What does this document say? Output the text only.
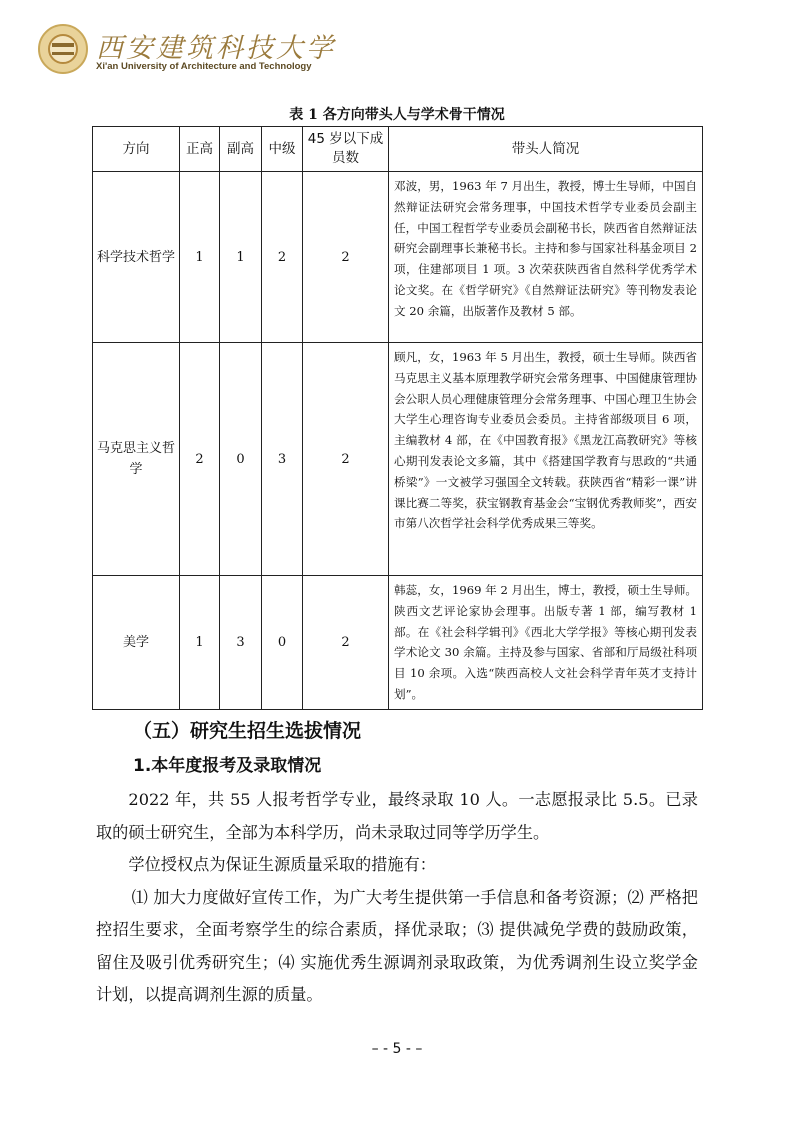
西安建筑科技大学
Xi'an University of Architecture and Technology
表 1 各方向带头人与学术骨干情况
方向	正高	副高	中级	45 岁以下成员数	带头人简况
科学技术哲学	1	1	2	2	邓波，男，1963 年 7 月出生，教授，博士生导师，中国自然辩证法研究会常务理事，中国技术哲学专业委员会副主任，中国工程哲学专业委员会副秘书长，陕西省自然辩证法研究会副理事长兼秘书长。主持和参与国家社科基金项目 2 项，住建部项目 1 项。3 次荣获陕西省自然科学优秀学术论文奖。在《哲学研究》《自然辩证法研究》等刊物发表论文 20 余篇，出版著作及教材 5 部。
马克思主义哲学	2	0	3	2	顾凡，女，1963 年 5 月出生，教授，硕士生导师。陕西省马克思主义基本原理教学研究会常务理事、中国健康管理协会公职人员心理健康管理分会常务理事、中国心理卫生协会大学生心理咨询专业委员会委员。主持省部级项目 6 项，主编教材 4 部，在《中国教育报》《黑龙江高教研究》等核心期刊发表论文多篇，其中《搭建国学教育与思政的“共通桥梁”》一文被学习强国全文转载。获陕西省“精彩一课”讲课比赛二等奖，获宝钢教育基金会“宝钢优秀教师奖”，西安市第八次哲学社会科学优秀成果三等奖。
美学	1	3	0	2	韩蕊，女，1969 年 2 月出生，博士，教授，硕士生导师。陕西文艺评论家协会理事。出版专著 1 部，编写教材 1 部。在《社会科学辑刊》《西北大学学报》等核心期刊发表学术论文 30 余篇。主持及参与国家、省部和厅局级社科项目 10 余项。入选“陕西高校人文社会科学青年英才支持计划”。
（五）研究生招生选拔情况
1.本年度报考及录取情况

2022 年，共 55 人报考哲学专业，最终录取 10 人。一志愿报录比 5.5。已录取的硕士研究生，全部为本科学历，尚未录取过同等学历学生。

学位授权点为保证生源质量采取的措施有：

⑴ 加大力度做好宣传工作，为广大考生提供第一手信息和备考资源；⑵ 严格把控招生要求，全面考察学生的综合素质，择优录取；⑶ 提供减免学费的鼓励政策，留住及吸引优秀研究生；⑷ 实施优秀生源调剂录取政策，为优秀调剂生设立奖学金计划，以提高调剂生源的质量。

– - 5 - –
